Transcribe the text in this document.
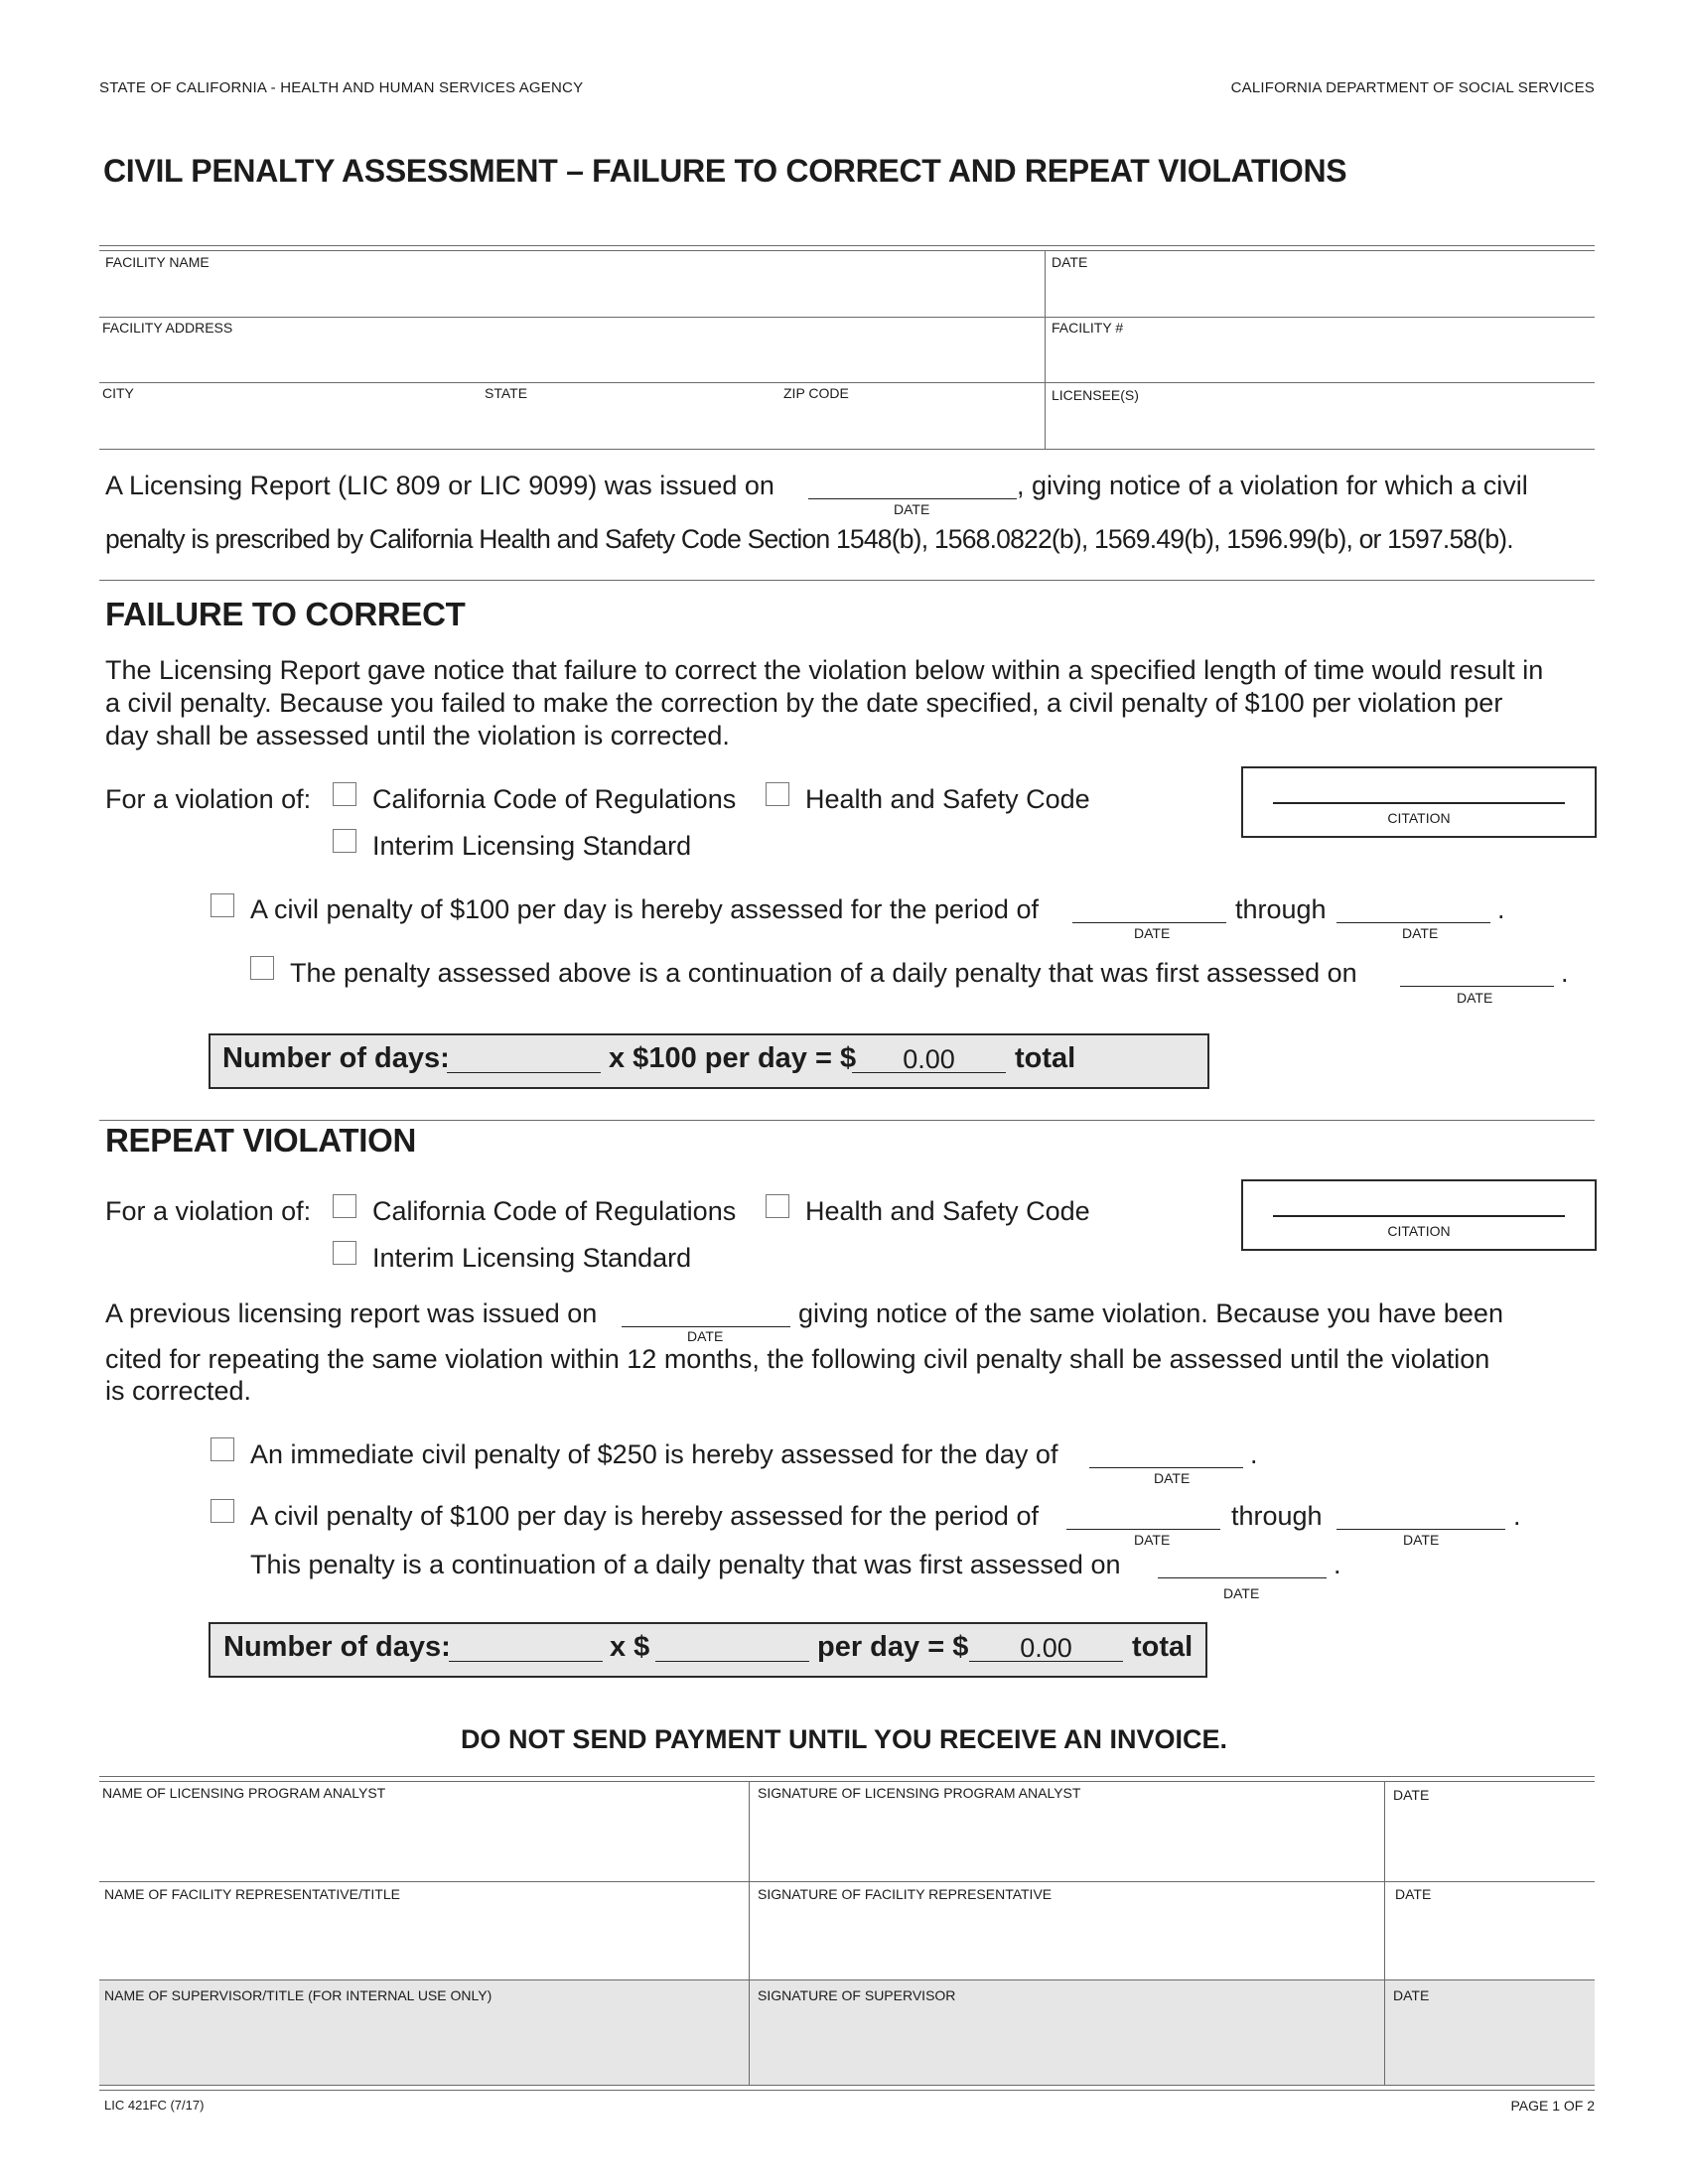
STATE OF CALIFORNIA - HEALTH AND HUMAN SERVICES AGENCY	CALIFORNIA DEPARTMENT OF SOCIAL SERVICES
CIVIL PENALTY ASSESSMENT – FAILURE TO CORRECT AND REPEAT VIOLATIONS
FACILITY NAME	DATE
FACILITY ADDRESS	FACILITY #
CITY	STATE	ZIP CODE	LICENSEE(S)
A Licensing Report (LIC 809 or LIC 9099) was issued on
DATE
, giving notice of a violation for which a civil
penalty is prescribed by California Health and Safety Code Section 1548(b), 1568.0822(b), 1569.49(b), 1596.99(b), or 1597.58(b).
FAILURE TO CORRECT
The Licensing Report gave notice that failure to correct the violation below within a specified length of time would result in
a civil penalty. Because you failed to make the correction by the date specified, a civil penalty of $100 per violation per
day shall be assessed until the violation is corrected.
For a violation of: California Code of Regulations	Health and Safety Code
Interim Licensing Standard
CITATION
A civil penalty of $100 per day is hereby assessed for the period of
DATE
through
DATE
.
The penalty assessed above is a continuation of a daily penalty that was first assessed on
DATE
.
Number of days:	x $100 per day = $	0.00	total
REPEAT VIOLATION
For a violation of: California Code of Regulations	Health and Safety Code
Interim Licensing Standard
CITATION
A previous licensing report was issued on
DATE
giving notice of the same violation. Because you have been
cited for repeating the same violation within 12 months, the following civil penalty shall be assessed until the violation
is corrected.
An immediate civil penalty of $250 is hereby assessed for the day of
DATE
.
A civil penalty of $100 per day is hereby assessed for the period of
DATE
through
DATE
.
This penalty is a continuation of a daily penalty that was first assessed on
DATE
.
Number of days:	x $	per day = $	0.00	total
DO NOT SEND PAYMENT UNTIL YOU RECEIVE AN INVOICE.
NAME OF LICENSING PROGRAM ANALYST	SIGNATURE OF LICENSING PROGRAM ANALYST	DATE
NAME OF FACILITY REPRESENTATIVE/TITLE	SIGNATURE OF FACILITY REPRESENTATIVE	DATE
NAME OF SUPERVISOR/TITLE (FOR INTERNAL USE ONLY)	SIGNATURE OF SUPERVISOR	DATE
LIC 421FC (7/17)	PAGE 1 OF 2
